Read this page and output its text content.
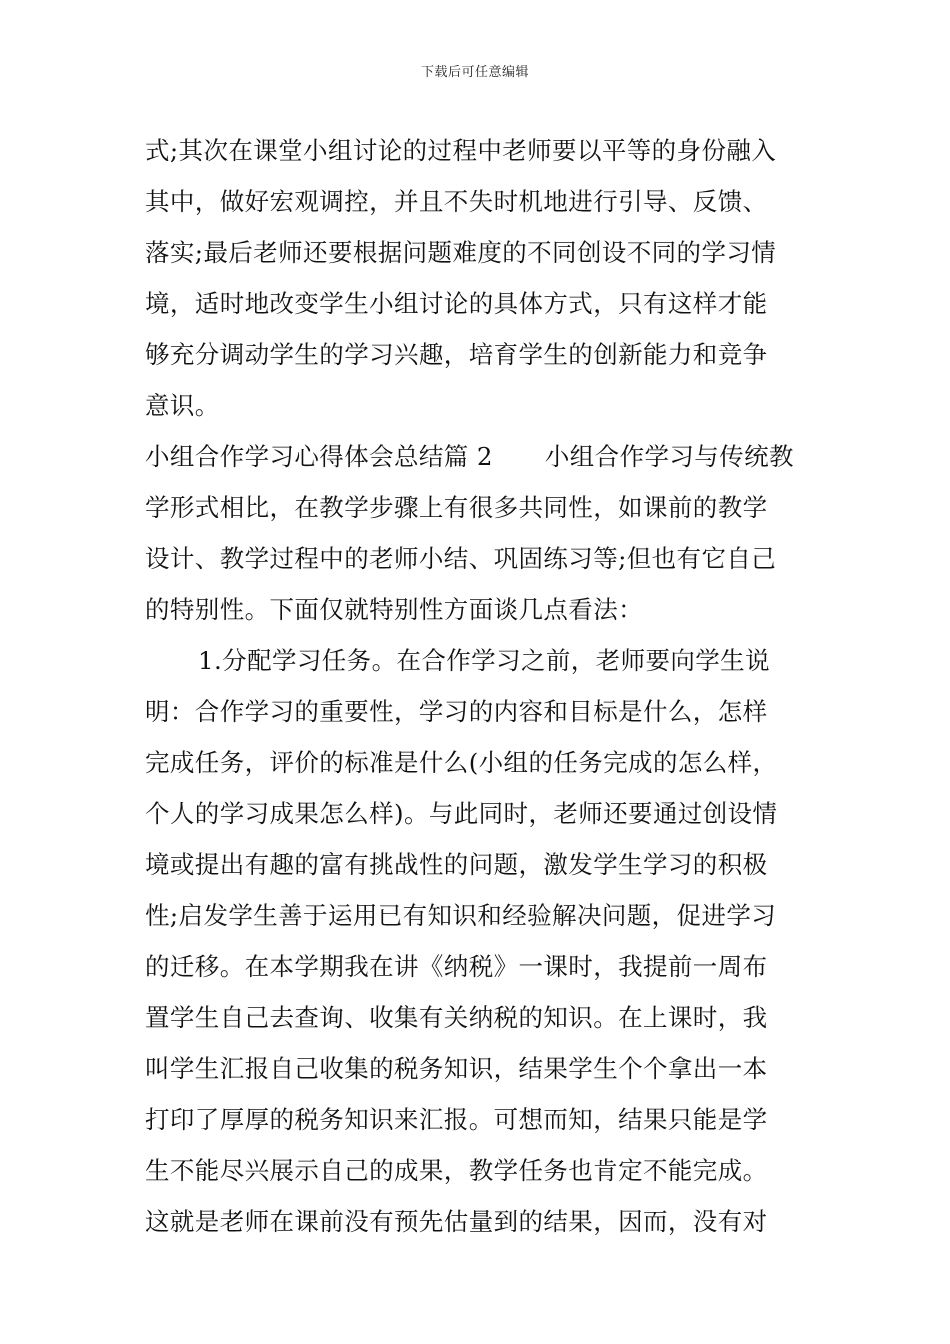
下载后可任意编辑
式;其次在课堂小组讨论的过程中老师要以平等的身份融入
其中，做好宏观调控，并且不失时机地进行引导、反馈、
落实;最后老师还要根据问题难度的不同创设不同的学习情
境，适时地改变学生小组讨论的具体方式，只有这样才能
够充分调动学生的学习兴趣，培育学生的创新能力和竞争
意识。
小组合作学习心得体会总结篇 2 小组合作学习与传统教
学形式相比，在教学步骤上有很多共同性，如课前的教学
设计、教学过程中的老师小结、巩固练习等;但也有它自己
的特别性。下面仅就特别性方面谈几点看法：
1.分配学习任务。在合作学习之前，老师要向学生说
明：合作学习的重要性，学习的内容和目标是什么，怎样
完成任务，评价的标准是什么(小组的任务完成的怎么样，
个人的学习成果怎么样)。与此同时，老师还要通过创设情
境或提出有趣的富有挑战性的问题，激发学生学习的积极
性;启发学生善于运用已有知识和经验解决问题，促进学习
的迁移。在本学期我在讲《纳税》一课时，我提前一周布
置学生自己去查询、收集有关纳税的知识。在上课时，我
叫学生汇报自己收集的税务知识，结果学生个个拿出一本
打印了厚厚的税务知识来汇报。可想而知，结果只能是学
生不能尽兴展示自己的成果，教学任务也肯定不能完成。
这就是老师在课前没有预先估量到的结果，因而，没有对
